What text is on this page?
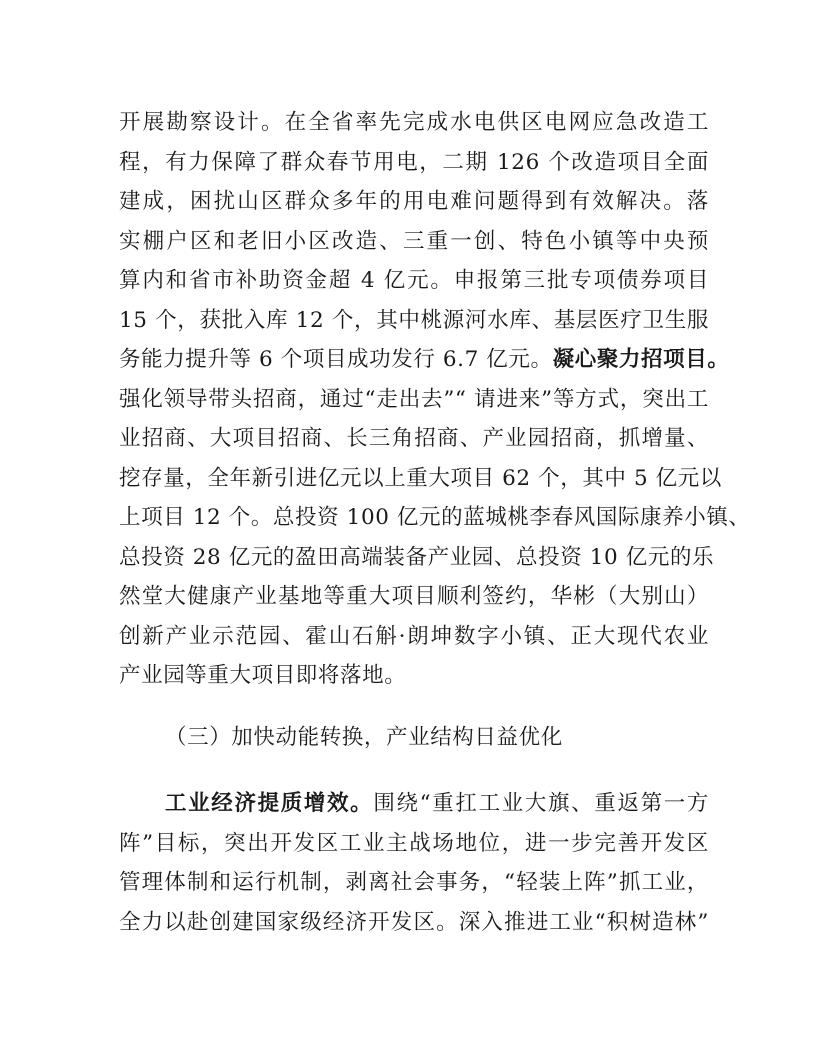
开展勘察设计。在全省率先完成水电供区电网应急改造工
程，有力保障了群众春节用电，二期 126 个改造项目全面
建成，困扰山区群众多年的用电难问题得到有效解决。落
实棚户区和老旧小区改造、三重一创、特色小镇等中央预
算内和省市补助资金超 4 亿元。申报第三批专项债券项目
15 个，获批入库 12 个，其中桃源河水库、基层医疗卫生服
务能力提升等 6 个项目成功发行 6.7 亿元。凝心聚力招项目。
强化领导带头招商，通过“走出去”“ 请进来”等方式，突出工
业招商、大项目招商、长三角招商、产业园招商，抓增量、
挖存量，全年新引进亿元以上重大项目 62 个，其中 5 亿元以
上项目 12 个。总投资 100 亿元的蓝城桃李春风国际康养小镇、
总投资 28 亿元的盈田高端装备产业园、总投资 10 亿元的乐
然堂大健康产业基地等重大项目顺利签约，华彬（大别山）
创新产业示范园、霍山石斛·朗坤数字小镇、正大现代农业
产业园等重大项目即将落地。
（三）加快动能转换，产业结构日益优化
工业经济提质增效。围绕“重扛工业大旗、重返第一方
阵”目标，突出开发区工业主战场地位，进一步完善开发区
管理体制和运行机制，剥离社会事务，“轻装上阵”抓工业，
全力以赴创建国家级经济开发区。深入推进工业“积树造林”
